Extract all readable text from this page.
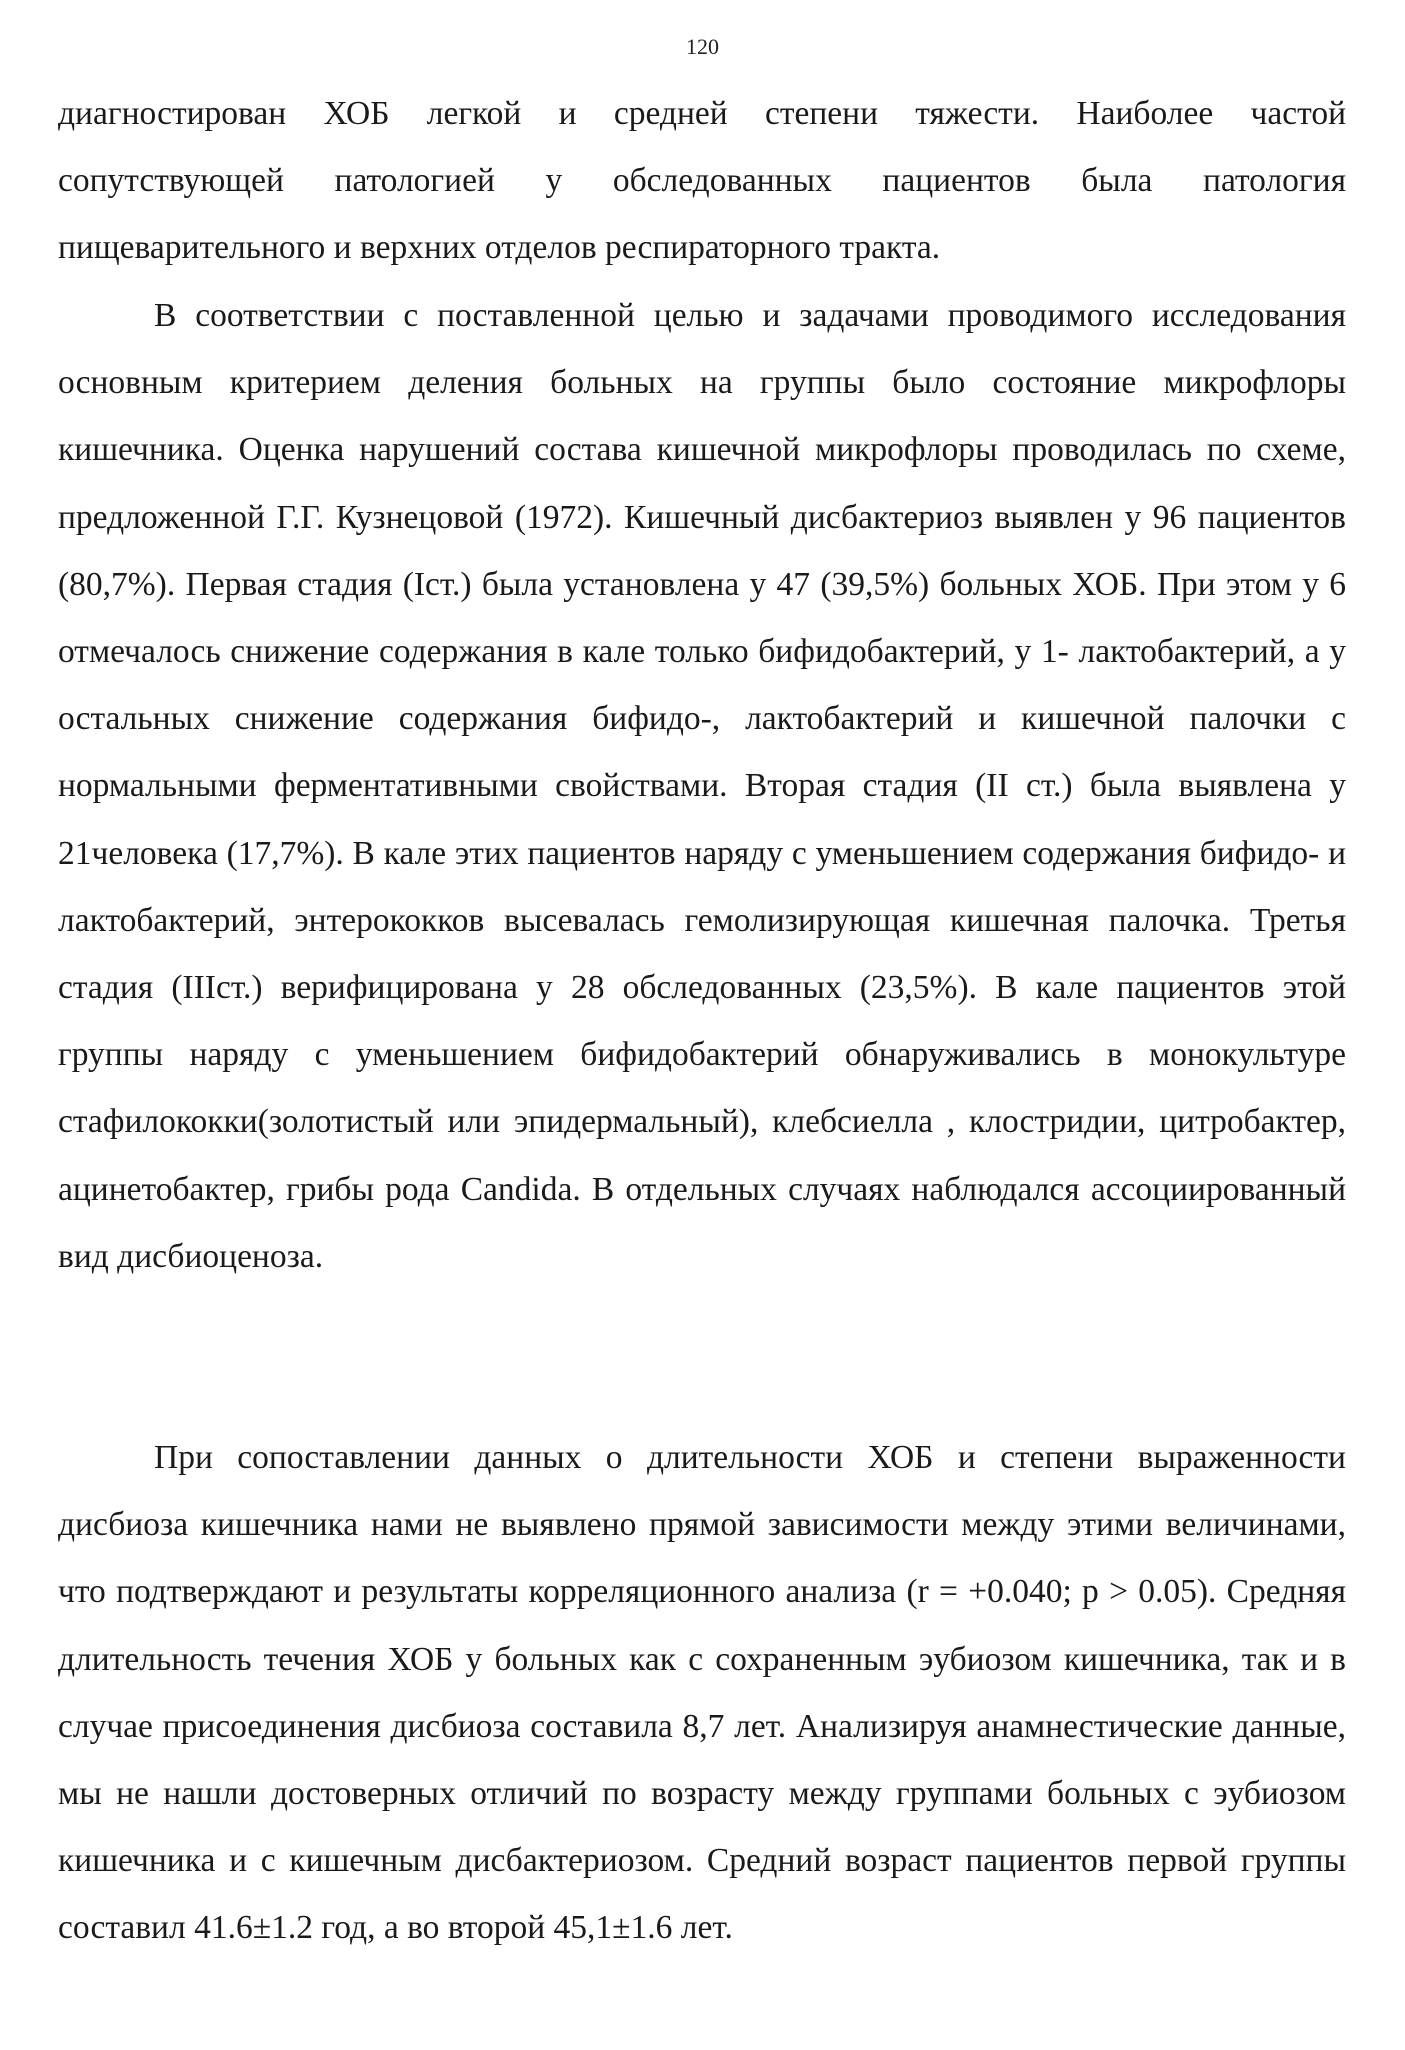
120

диагностирован ХОБ легкой и средней степени тяжести. Наиболее частой сопутствующей патологией у обследованных пациентов была патология пищеварительного и верхних отделов респираторного тракта.

В соответствии с поставленной целью и задачами проводимого исследования основным критерием деления больных на группы было состояние микрофлоры кишечника. Оценка нарушений состава кишечной микрофлоры проводилась по схеме, предложенной Г.Г. Кузнецовой (1972). Кишечный дисбактериоз выявлен у 96 пациентов (80,7%). Первая стадия (Iст.) была установлена у 47 (39,5%) больных ХОБ. При этом у 6 отмечалось снижение содержания в кале только бифидобактерий, у 1- лактобактерий, а у остальных снижение содержания бифидо-, лактобактерий и кишечной палочки с нормальными ферментативными свойствами. Вторая стадия (II ст.) была выявлена у 21человека (17,7%). В кале этих пациентов наряду с уменьшением содержания бифидо- и лактобактерий, энтерококков высевалась гемолизирующая кишечная палочка. Третья стадия (IIIст.) верифицирована у 28 обследованных (23,5%). В кале пациентов этой группы наряду с уменьшением бифидобактерий обнаруживались в монокультуре стафилококки(золотистый или эпидермальный), клебсиелла , клостридии, цитробактер, ацинетобактер, грибы рода Candida. В отдельных случаях наблюдался ассоциированный вид дисбиоценоза.

При сопоставлении данных о длительности ХОБ и степени выраженности дисбиоза кишечника нами не выявлено прямой зависимости между этими величинами, что подтверждают и результаты корреляционного анализа (r = +0.040; p > 0.05). Средняя длительность течения ХОБ у больных как с сохраненным эубиозом кишечника, так и в случае присоединения дисбиоза составила 8,7 лет. Анализируя анамнестические данные, мы не нашли достоверных отличий по возрасту между группами больных с эубиозом кишечника и с кишечным дисбактериозом. Средний возраст пациентов первой группы составил 41.6±1.2 год, а во второй 45,1±1.6 лет.
